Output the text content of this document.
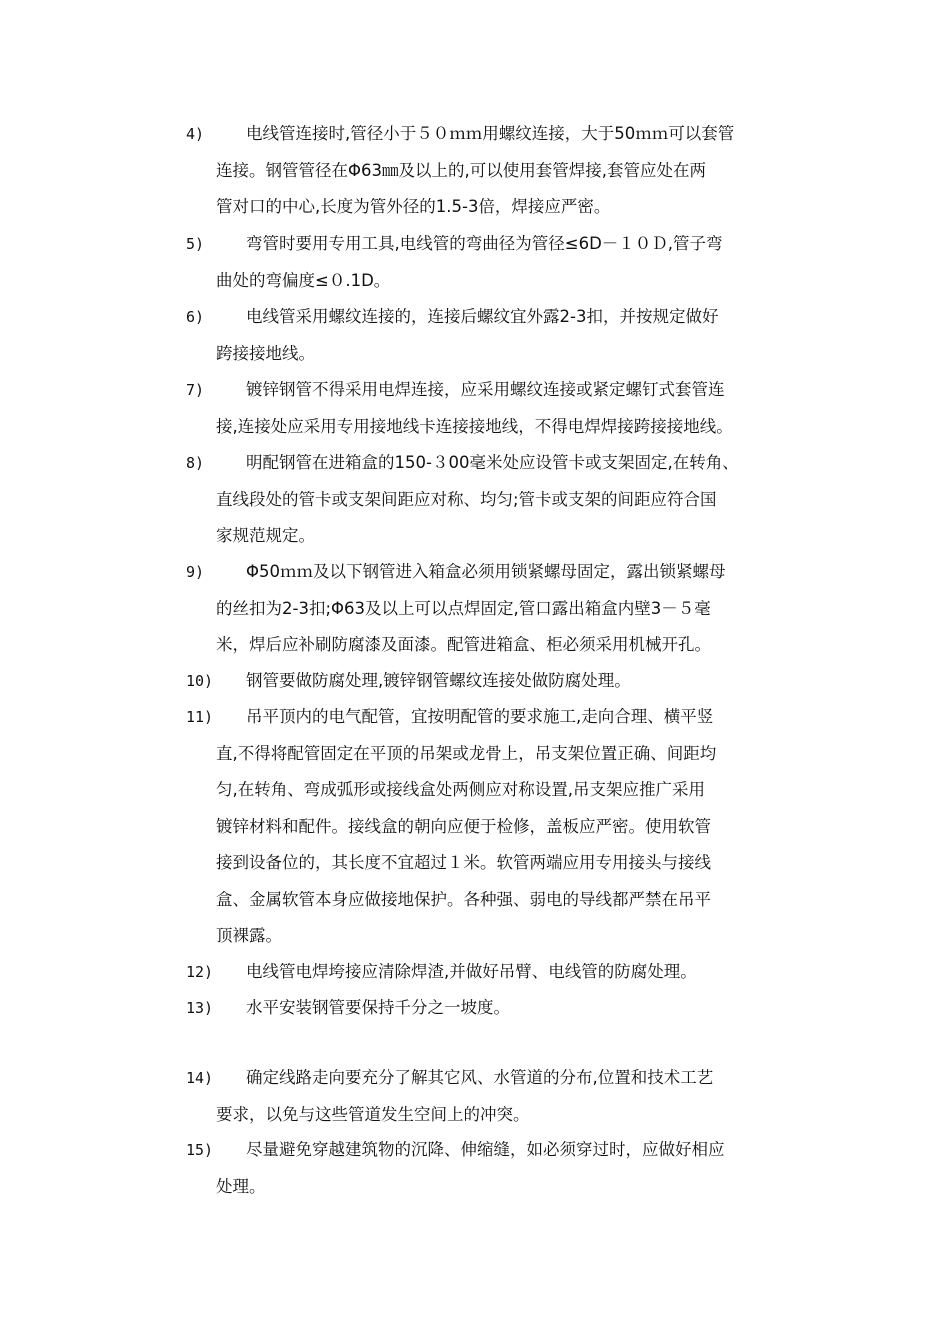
4)	电线管连接时,管径小于５０ｍｍ用螺纹连接，大于50ｍｍ可以套管
连接。钢管管径在Φ63㎜及以上的,可以使用套管焊接,套管应处在两
管对口的中心,长度为管外径的1.5-3倍，焊接应严密。
5)	弯管时要用专用工具,电线管的弯曲径为管径≤6D－１０Ｄ,管子弯
曲处的弯偏度≤０.1D。
6)	电线管采用螺纹连接的，连接后螺纹宜外露2-3扣，并按规定做好
跨接接地线。
7)	镀锌钢管不得采用电焊连接，应采用螺纹连接或紧定螺钉式套管连
接,连接处应采用专用接地线卡连接接地线，不得电焊焊接跨接接地线。
8)	明配钢管在进箱盒的150-３00毫米处应设管卡或支架固定,在转角、
直线段处的管卡或支架间距应对称、均匀;管卡或支架的间距应符合国
家规范规定。
9)	Φ50ｍｍ及以下钢管进入箱盒必须用锁紧螺母固定，露出锁紧螺母
的丝扣为2-3扣;Φ63及以上可以点焊固定,管口露出箱盒内壁3－５毫
米，焊后应补刷防腐漆及面漆。配管进箱盒、柜必须采用机械开孔。
10)	钢管要做防腐处理,镀锌钢管螺纹连接处做防腐处理。
11)	吊平顶内的电气配管，宜按明配管的要求施工,走向合理、横平竖
直,不得将配管固定在平顶的吊架或龙骨上，吊支架位置正确、间距均
匀,在转角、弯成弧形或接线盒处两侧应对称设置,吊支架应推广采用
镀锌材料和配件。接线盒的朝向应便于检修，盖板应严密。使用软管
接到设备位的，其长度不宜超过１米。软管两端应用专用接头与接线
盒、金属软管本身应做接地保护。各种强、弱电的导线都严禁在吊平
顶裸露。
12)	电线管电焊垮接应清除焊渣,并做好吊臂、电线管的防腐处理。
13)	水平安装钢管要保持千分之一坡度。
14)	确定线路走向要充分了解其它风、水管道的分布,位置和技术工艺
要求，以免与这些管道发生空间上的冲突。
15)	尽量避免穿越建筑物的沉降、伸缩缝，如必须穿过时，应做好相应
处理。
